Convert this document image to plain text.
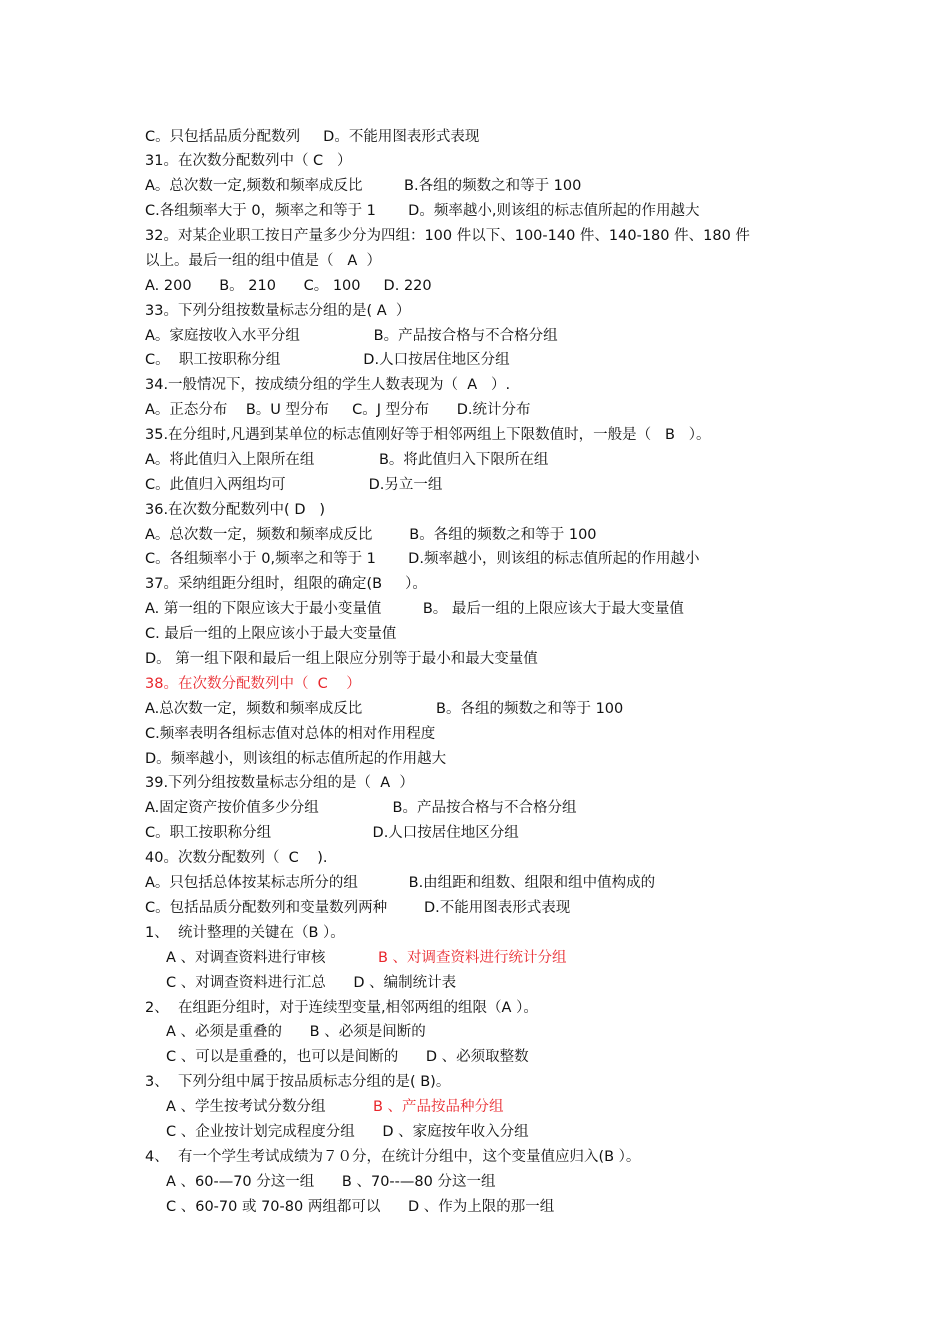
C。只包括品质分配数列     D。不能用图表形式表现
31。在次数分配数列中（ C   ）
A。总次数一定,频数和频率成反比         B.各组的频数之和等于 100
C.各组频率大于 0，频率之和等于 1       D。频率越小,则该组的标志值所起的作用越大
32。对某企业职工按日产量多少分为四组：100 件以下、100-140 件、140-180 件、180 件
以上。最后一组的组中值是（   A  ）
A. 200      B。 210      C。 100     D. 220
33。下列分组按数量标志分组的是( A  ）
A。家庭按收入水平分组                B。产品按合格与不合格分组
C。  职工按职称分组                  D.人口按居住地区分组
34.一般情况下，按成绩分组的学生人数表现为（  A   ）.
A。正态分布    B。U 型分布     C。J 型分布      D.统计分布
35.在分组时,凡遇到某单位的标志值刚好等于相邻两组上下限数值时，一般是（   B   ）。
A。将此值归入上限所在组              B。将此值归入下限所在组
C。此值归入两组均可                  D.另立一组
36.在次数分配数列中( D   )
A。总次数一定，频数和频率成反比        B。各组的频数之和等于 100
C。各组频率小于 0,频率之和等于 1       D.频率越小，则该组的标志值所起的作用越小
37。采纳组距分组时，组限的确定(B     ）。
A. 第一组的下限应该大于最小变量值         B。 最后一组的上限应该大于最大变量值
C. 最后一组的上限应该小于最大变量值
D。 第一组下限和最后一组上限应分别等于最小和最大变量值
38。在次数分配数列中（  C    ）
A.总次数一定，频数和频率成反比                B。各组的频数之和等于 100
C.频率表明各组标志值对总体的相对作用程度
D。频率越小，则该组的标志值所起的作用越大
39.下列分组按数量标志分组的是（  A  ）
A.固定资产按价值多少分组                B。产品按合格与不合格分组
C。职工按职称分组                      D.人口按居住地区分组
40。次数分配数列（  C    ).
A。只包括总体按某标志所分的组           B.由组距和组数、组限和组中值构成的
C。包括品质分配数列和变量数列两种        D.不能用图表形式表现
1、  统计整理的关键在（B ）。
A 、对调查资料进行审核	B 、对调查资料进行统计分组
C 、对调查资料进行汇总      D 、编制统计表
2、  在组距分组时，对于连续型变量,相邻两组的组限（A ）。
A 、必须是重叠的      B 、必须是间断的
C 、可以是重叠的，也可以是间断的      D 、必须取整数
3、  下列分组中属于按品质标志分组的是( B)。
A 、学生按考试分数分组	B 、产品按品种分组
C 、企业按计划完成程度分组      D 、家庭按年收入分组
4、  有一个学生考试成绩为７０分，在统计分组中，这个变量值应归入(B ）。
A 、60-—70 分这一组      B 、70--—80 分这一组
C 、60-70 或 70-80 两组都可以      D 、作为上限的那一组
